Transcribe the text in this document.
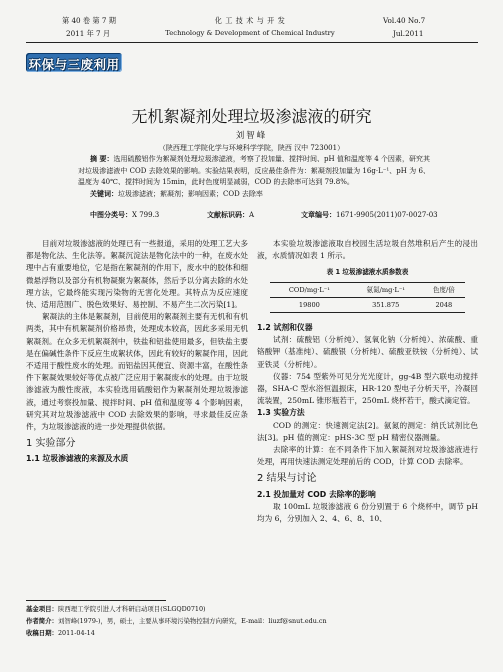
第 40 卷 第 7 期
2011 年 7 月
化 工 技 术 与 开 发
Technology & Development of Chemical Industry
Vol.40 No.7
Jul.2011
环保与三废利用
无机絮凝剂处理垃圾渗滤液的研究
刘智峰
（陕西理工学院化学与环境科学学院，陕西 汉中 723001）
摘 要：选用硫酸铝作为絮凝剂处理垃圾渗滤液，考察了投加量、搅拌时间、pH 值和温度等 4 个因素，研究其对垃圾渗滤液中 COD 去除效果的影响。实验结果表明，反应最佳条件为：絮凝剂投加量为 16g·L⁻¹、pH 为 6、温度为 40℃、搅拌时间为 15min，此时色度明显减弱，COD 的去除率可达到 79.8%。
关键词：垃圾渗滤液；絮凝剂；影响因素；COD 去除率
中图分类号：X 799.3	文献标识码：A	文章编号：1671-9905(2011)07-0027-03

目前对垃圾渗滤液的处理已有一些报道，采用的处理工艺大多都是物化法、生化法等。絮凝沉淀法是物化法中的一种，在废水处理中占有重要地位，它是指在絮凝剂的作用下，废水中的胶体和细微悬浮物以及部分有机物凝聚为絮凝体，然后予以分离去除的水处理方法，它最终能实现污染物的无害化处理。其特点为反应速度快、适用范围广、脱色效果好、易控制、不易产生二次污染[1]。

絮凝法的主体是絮凝剂，目前使用的絮凝剂主要有无机和有机两类，其中有机絮凝剂价格昂贵，处理成本较高，因此多采用无机絮凝剂。在众多无机絮凝剂中，铁盐和铝盐使用最多，但铁盐主要是在偏碱性条件下反应生成絮状体，因此有较好的絮凝作用，因此不适用于酸性废水的处理。而铝盐因其便宜、资源丰富，在酸性条件下絮凝效果较好等优点被广泛应用于絮凝废水的处理。由于垃圾渗滤液为酸性废液，本实验选用硫酸铝作为絮凝剂处理垃圾渗滤液，通过考察投加量、搅拌时间、pH 值和温度等 4 个影响因素，研究其对垃圾渗滤液中 COD 去除效果的影响，寻求最佳反应条件，为垃圾渗滤液的进一步处理提供依据。

1 实验部分
1.1 垃圾渗滤液的来源及水质

本实验垃圾渗滤液取自校园生活垃圾自然堆积后产生的浸出液，水质情况如表 1 所示。

表 1 垃圾渗滤液水质参数表
COD/mg·L⁻¹	氨氮/mg·L⁻¹	色度/倍
19800	351.875	2048
1.2 试剂和仪器

试剂：硫酸铝（分析纯）、氢氧化钠（分析纯）、浓硫酸、重铬酸钾（基准纯）、硫酸银（分析纯）、硫酸亚铁铵（分析纯）、试亚铁灵（分析纯）。

仪器：754 型紫外可见分光光度计，gg-4B 型六联电动搅拌器，SHA-C 型水浴恒温振床，HR-120 型电子分析天平，冷凝回流装置，250mL 锥形瓶若干，250mL 烧杯若干，酸式滴定管。

1.3 实验方法

COD 的测定：快速测定法[2]。氨氮的测定：纳氏试剂比色法[3]。pH 值的测定：pHS-3C 型 pH 精密仪器测量。

去除率的计算：在不同条件下加入絮凝剂对垃圾渗滤液进行处理，再用快速法测定处理前后的 COD，计算 COD 去除率。

2 结果与讨论
2.1 投加量对 COD 去除率的影响

取 100mL 垃圾渗滤液 6 份分别置于 6 个烧杯中，调节 pH 均为 6，分别加入 2、4、6、8、10、

基金项目：陕西理工学院引进人才科研启动项目(SLGQD0710)
作者简介：刘智峰(1979-)，男，硕士，主要从事环境污染物控制方向研究，E-mail：liuzf@snut.edu.cn
收稿日期：2011-04-14
